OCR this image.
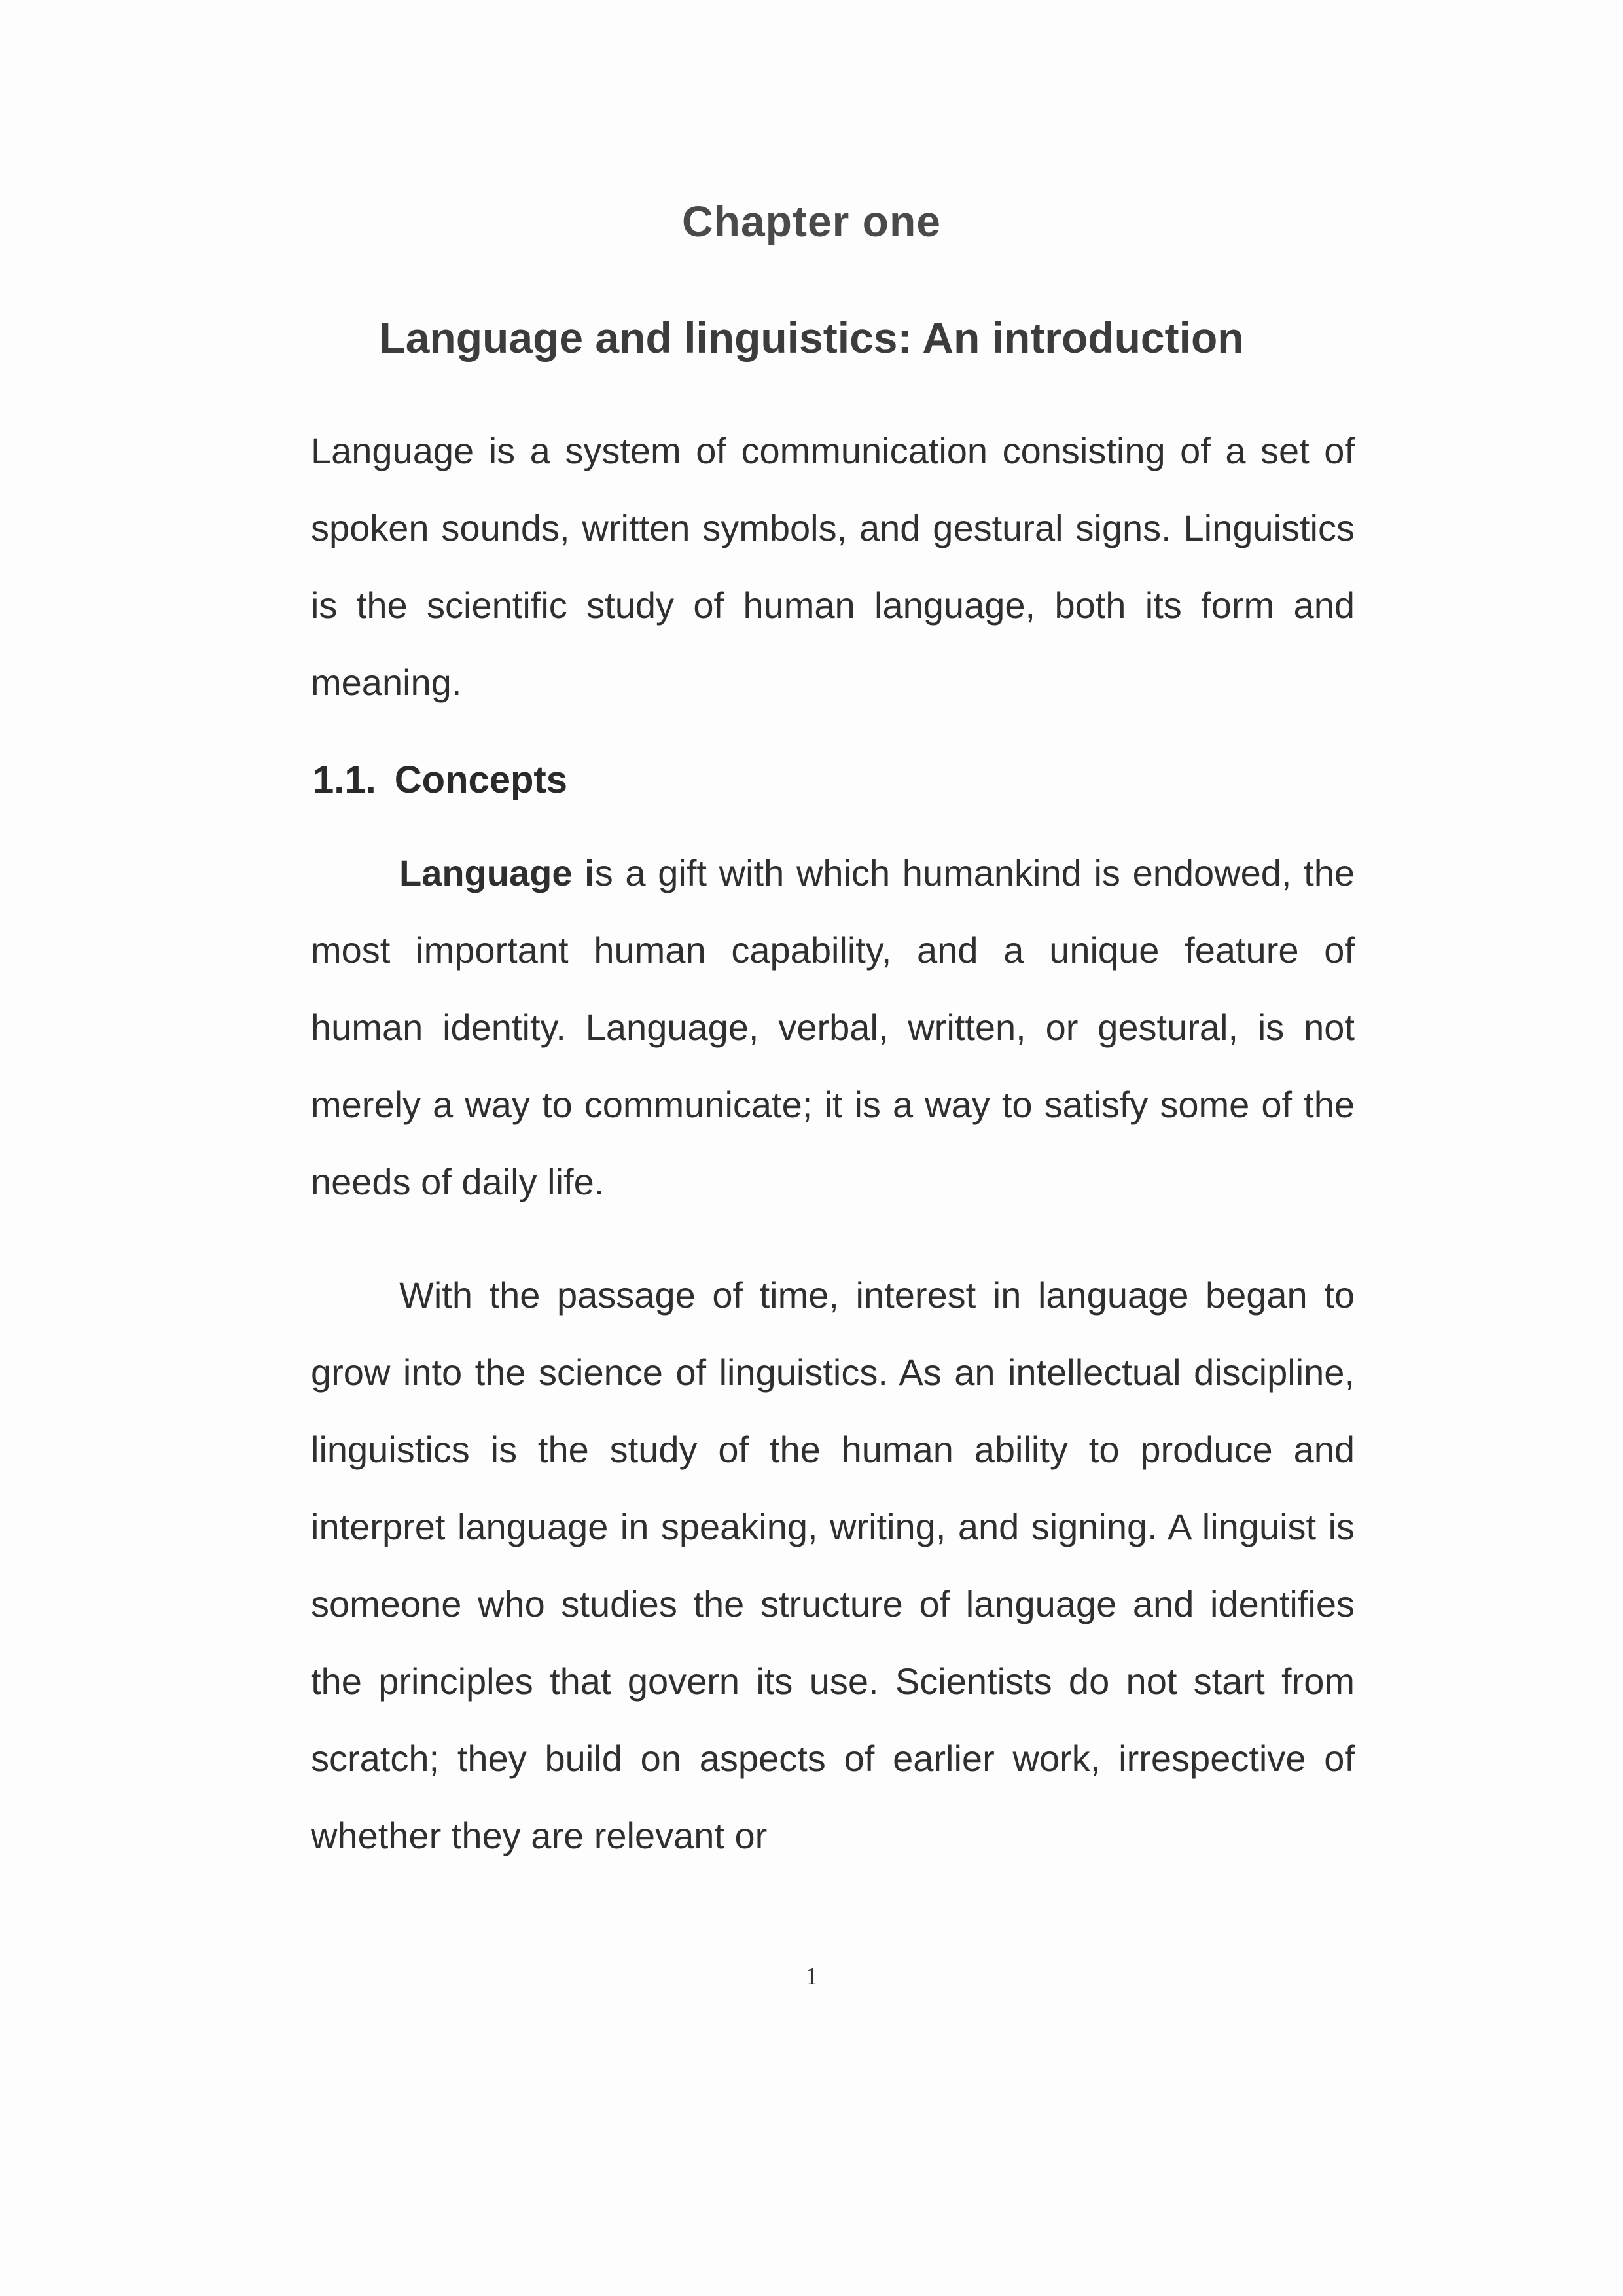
Chapter one
Language and linguistics: An introduction
Language is a system of communication consisting of a set of spoken sounds, written symbols, and gestural signs. Linguistics is the scientific study of human language, both its form and meaning.
1.1. Concepts
Language is a gift with which humankind is endowed, the most important human capability, and a unique feature of human identity. Language, verbal, written, or gestural, is not merely a way to communicate; it is a way to satisfy some of the needs of daily life.
With the passage of time, interest in language began to grow into the science of linguistics. As an intellectual discipline, linguistics is the study of the human ability to produce and interpret language in speaking, writing, and signing. A linguist is someone who studies the structure of language and identifies the principles that govern its use. Scientists do not start from scratch; they build on aspects of earlier work, irrespective of whether they are relevant or
1
